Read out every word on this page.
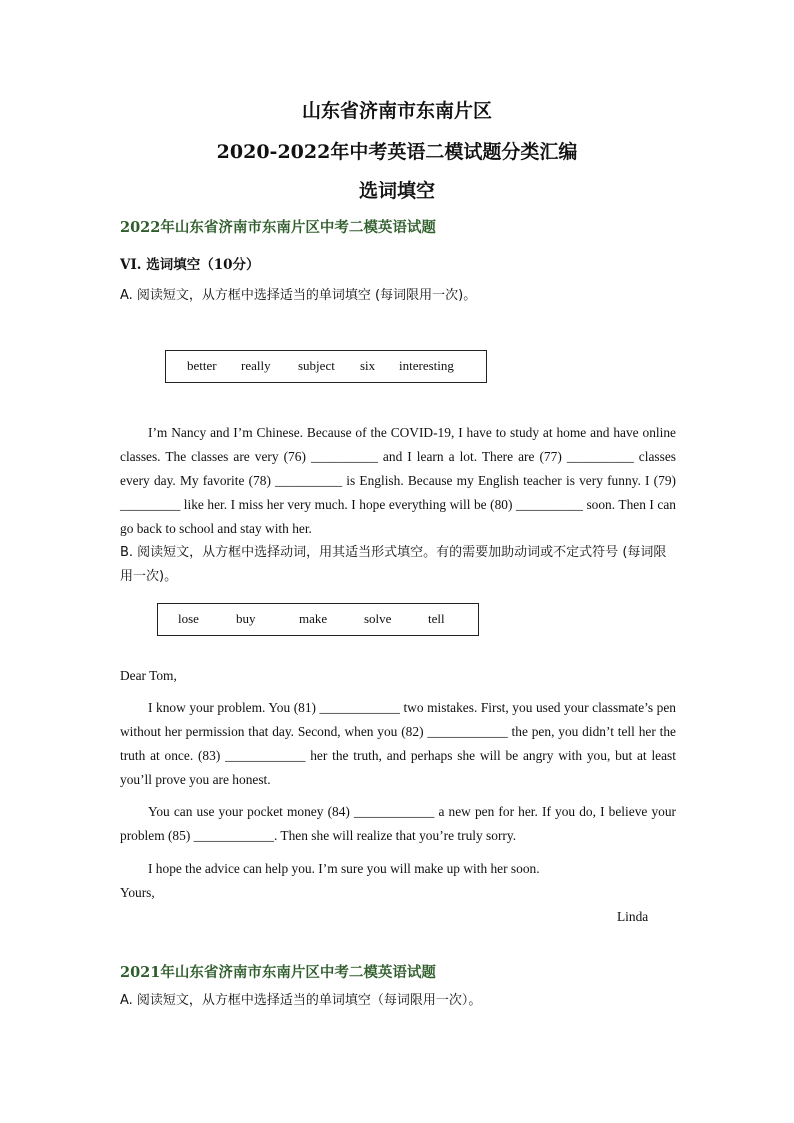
山东省济南市东南片区
2020-2022年中考英语二模试题分类汇编
选词填空
2022年山东省济南市东南片区中考二模英语试题
VI. 选词填空（10分）
A. 阅读短文，从方框中选择适当的单词填空 (每词限用一次)。
better really subject six interesting
I’m Nancy and I’m Chinese. Because of the COVID-19, I have to study at home and have online classes. The classes are very (76) __________ and I learn a lot. There are (77) __________ classes every day. My favorite (78) __________ is English. Because my English teacher is very funny. I (79) _________ like her. I miss her very much. I hope everything will be (80) __________ soon. Then I can go back to school and stay with her.
B. 阅读短文，从方框中选择动词，用其适当形式填空。有的需要加助动词或不定式符号 (每词限用一次)。
lose	buy	make	solve	tell
Dear Tom,
I know your problem. You (81) ____________ two mistakes. First, you used your classmate’s pen without her permission that day. Second, when you (82) ____________ the pen, you didn’t tell her the truth at once. (83) ____________ her the truth, and perhaps she will be angry with you, but at least you’ll prove you are honest.
You can use your pocket money (84) ____________ a new pen for her. If you do, I believe your problem (85) ____________. Then she will realize that you’re truly sorry.
I hope the advice can help you. I’m sure you will make up with her soon.
Yours,
Linda
2021年山东省济南市东南片区中考二模英语试题
A. 阅读短文，从方框中选择适当的单词填空（每词限用一次）。
